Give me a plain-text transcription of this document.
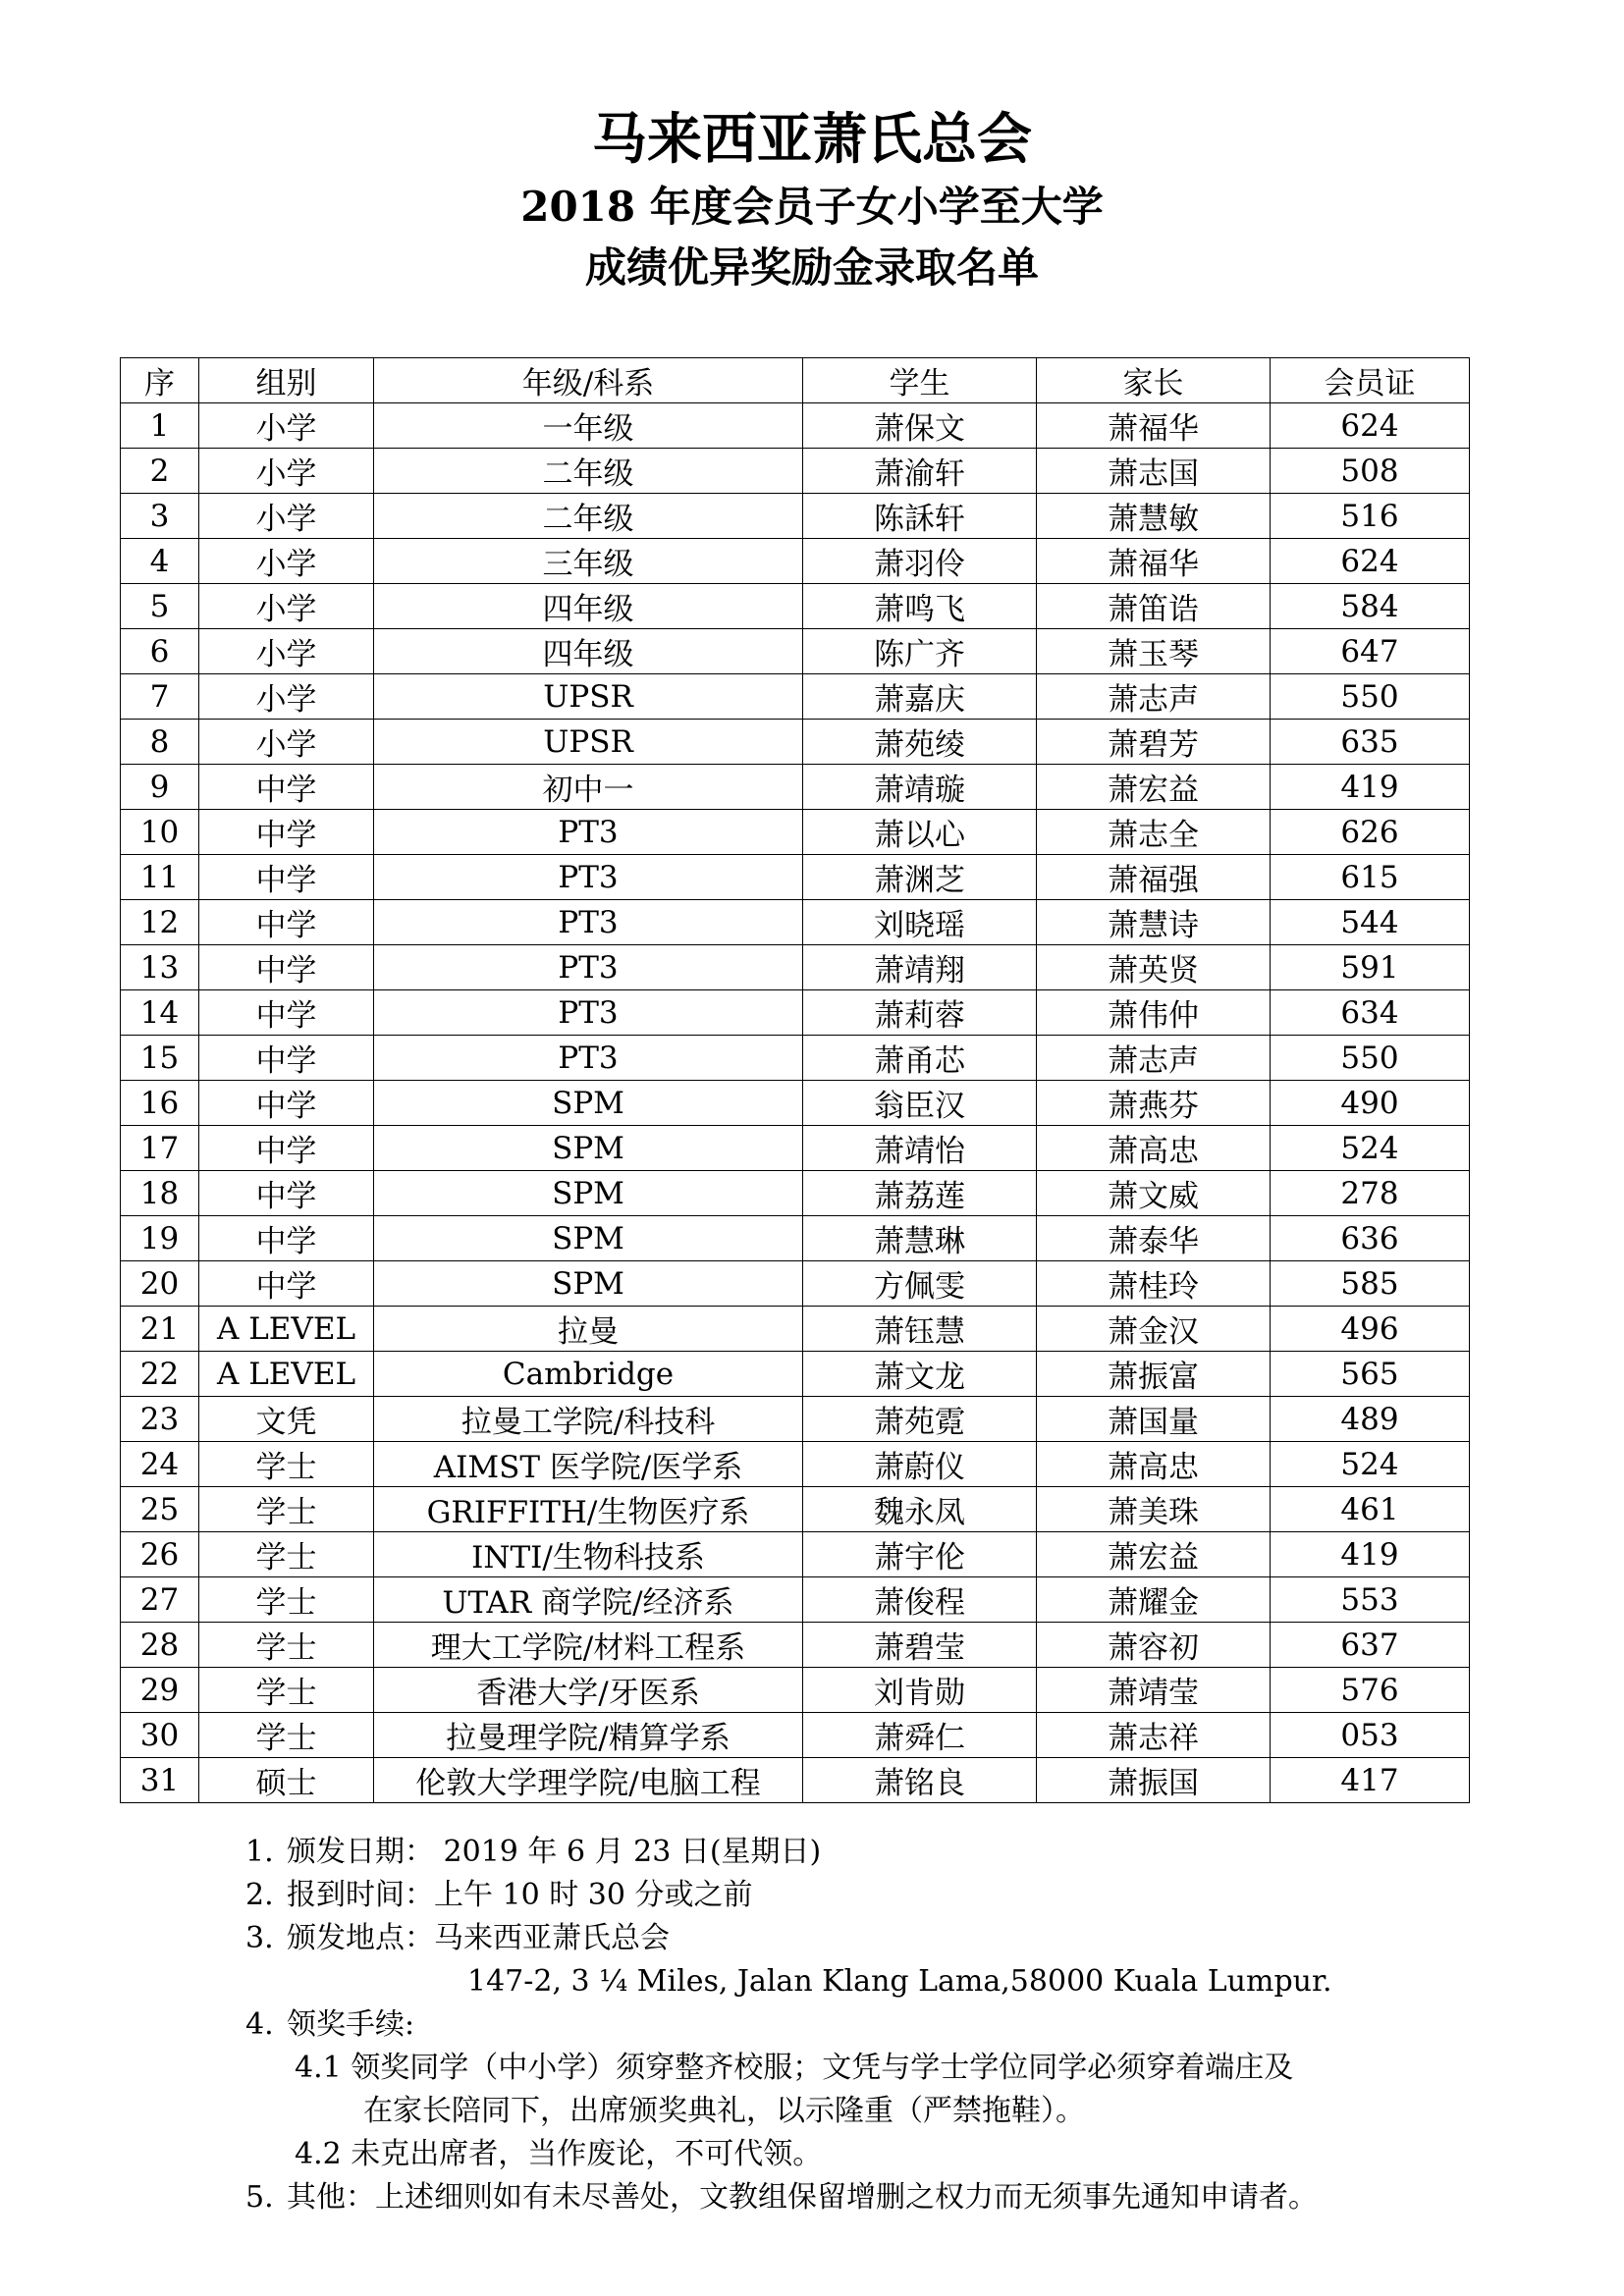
马来西亚萧氏总会
2018 年度会员子女小学至大学
成绩优异奖励金录取名单
序	组别	年级/科系	学生	家长	会员证
1	小学	一年级	萧保文	萧福华	624
2	小学	二年级	萧渝轩	萧志国	508
3	小学	二年级	陈訸轩	萧慧敏	516
4	小学	三年级	萧羽伶	萧福华	624
5	小学	四年级	萧鸣飞	萧笛诰	584
6	小学	四年级	陈广齐	萧玉琴	647
7	小学	UPSR	萧嘉庆	萧志声	550
8	小学	UPSR	萧苑绫	萧碧芳	635
9	中学	初中一	萧靖璇	萧宏益	419
10	中学	PT3	萧以心	萧志全	626
11	中学	PT3	萧渊芝	萧福强	615
12	中学	PT3	刘晓瑶	萧慧诗	544
13	中学	PT3	萧靖翔	萧英贤	591
14	中学	PT3	萧莉蓉	萧伟仲	634
15	中学	PT3	萧甬芯	萧志声	550
16	中学	SPM	翁臣汉	萧燕芬	490
17	中学	SPM	萧靖怡	萧高忠	524
18	中学	SPM	萧荔莲	萧文威	278
19	中学	SPM	萧慧琳	萧泰华	636
20	中学	SPM	方佩雯	萧桂玲	585
21	A LEVEL	拉曼	萧钰慧	萧金汉	496
22	A LEVEL	Cambridge	萧文龙	萧振富	565
23	文凭	拉曼工学院/科技科	萧苑霓	萧国量	489
24	学士	AIMST 医学院/医学系	萧蔚仪	萧高忠	524
25	学士	GRIFFITH/生物医疗系	魏永凤	萧美珠	461
26	学士	INTI/生物科技系	萧宇伦	萧宏益	419
27	学士	UTAR 商学院/经济系	萧俊程	萧耀金	553
28	学士	理大工学院/材料工程系	萧碧莹	萧容初	637
29	学士	香港大学/牙医系	刘肯勋	萧靖莹	576
30	学士	拉曼理学院/精算学系	萧舜仁	萧志祥	053
31	硕士	伦敦大学理学院/电脑工程	萧铭良	萧振国	417
1. 颁发日期： 2019 年 6 月 23 日(星期日)
2. 报到时间：上午 10 时 30 分或之前
3. 颁发地点：马来西亚萧氏总会
147-2, 3 ¼ Miles, Jalan Klang Lama,58000 Kuala Lumpur.
4. 领奖手续:
4.1 领奖同学（中小学）须穿整齐校服；文凭与学士学位同学必须穿着端庄及
在家长陪同下，出席颁奖典礼，以示隆重（严禁拖鞋）。
4.2 未克出席者，当作废论，不可代领。
5. 其他：上述细则如有未尽善处，文教组保留增删之权力而无须事先通知申请者。
